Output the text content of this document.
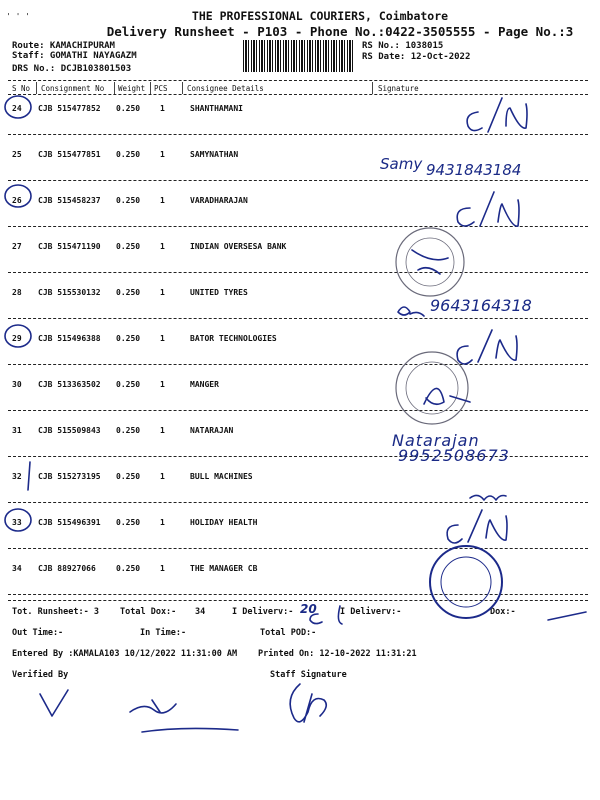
' ' '	THE PROFESSIONAL COURIERS, Coimbatore
Delivery Runsheet - P103 - Phone No.:0422-3505555 - Page No.:3
Route: KAMACHIPURAM
Staff: GOMATHI NAYAGAZM
DRS No.: DCJB103801503
RS No.: 1038015
RS Date: 12-Oct-2022
S No Consignment No Weight PCS	Consignee Details	Signature
24 CJB 515477852 0.250 1	SHANTHAMANI
25 CJB 515477851 0.250 1	SAMYNATHAN
26 CJB 515458237 0.250 1	VARADHARAJAN
27 CJB 515471190 0.250 1	INDIAN OVERSESA BANK
28 CJB 515530132 0.250 1	UNITED TYRES
29 CJB 515496388 0.250 1	BATOR TECHNOLOGIES
30 CJB 513363502 0.250 1	MANGER
31 CJB 515509843 0.250 1	NATARAJAN
32 CJB 515273195 0.250 1	BULL MACHINES
33 CJB 515496391 0.250 1	HOLIDAY HEALTH
34 CJB 88927066	0.250 1	THE MANAGER CB
Tot. Runsheet:- 3 Total Dox:- 34	I Deliverv:-	I Deliverv:-	Dox:-
Out Time:-	In Time:-	Total POD:-
Entered By :KAMALA103 10/12/2022 11:31:00 AM Printed On: 12-10-2022 11:31:21
Verified By	Staff Signature
Samy 9431843184
9643164318
Natarajan
9952508673
20
